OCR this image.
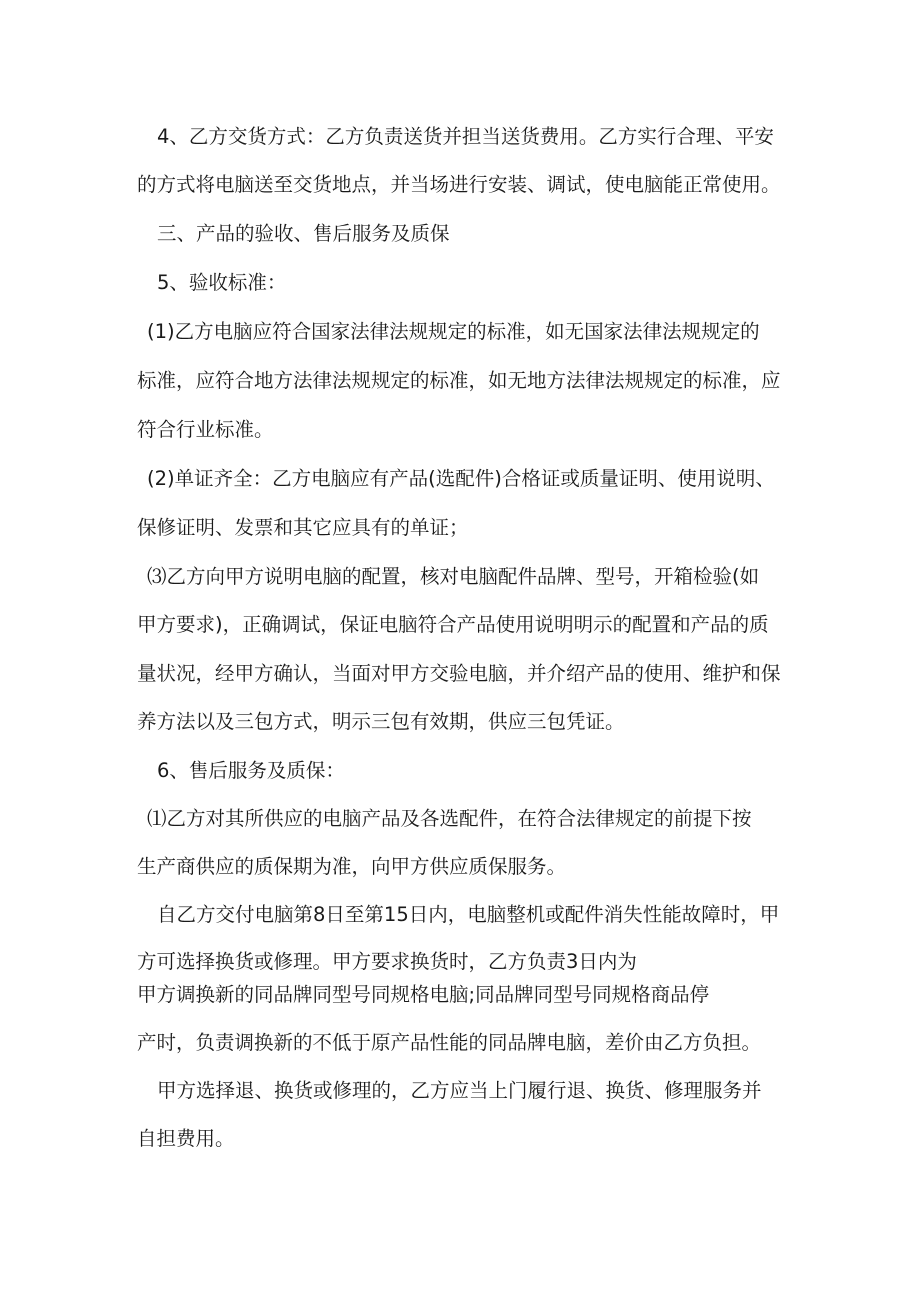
4、乙方交货方式：乙方负责送货并担当送货费用。乙方实行合理、平安
的方式将电脑送至交货地点，并当场进行安装、调试，使电脑能正常使用。
三、产品的验收、售后服务及质保
5、验收标准：
(1)乙方电脑应符合国家法律法规规定的标准，如无国家法律法规规定的
标准，应符合地方法律法规规定的标准，如无地方法律法规规定的标准，应
符合行业标准。
(2)单证齐全：乙方电脑应有产品(选配件)合格证或质量证明、使用说明、
保修证明、发票和其它应具有的单证；
⑶乙方向甲方说明电脑的配置，核对电脑配件品牌、型号，开箱检验(如
甲方要求)，正确调试，保证电脑符合产品使用说明明示的配置和产品的质
量状况，经甲方确认，当面对甲方交验电脑，并介绍产品的使用、维护和保
养方法以及三包方式，明示三包有效期，供应三包凭证。
6、售后服务及质保：
⑴乙方对其所供应的电脑产品及各选配件，在符合法律规定的前提下按
生产商供应的质保期为准，向甲方供应质保服务。
自乙方交付电脑第8日至第15日内，电脑整机或配件消失性能故障时，甲
方可选择换货或修理。甲方要求换货时，乙方负责3日内为
甲方调换新的同品牌同型号同规格电脑;同品牌同型号同规格商品停
产时，负责调换新的不低于原产品性能的同品牌电脑，差价由乙方负担。
甲方选择退、换货或修理的，乙方应当上门履行退、换货、修理服务并
自担费用。
